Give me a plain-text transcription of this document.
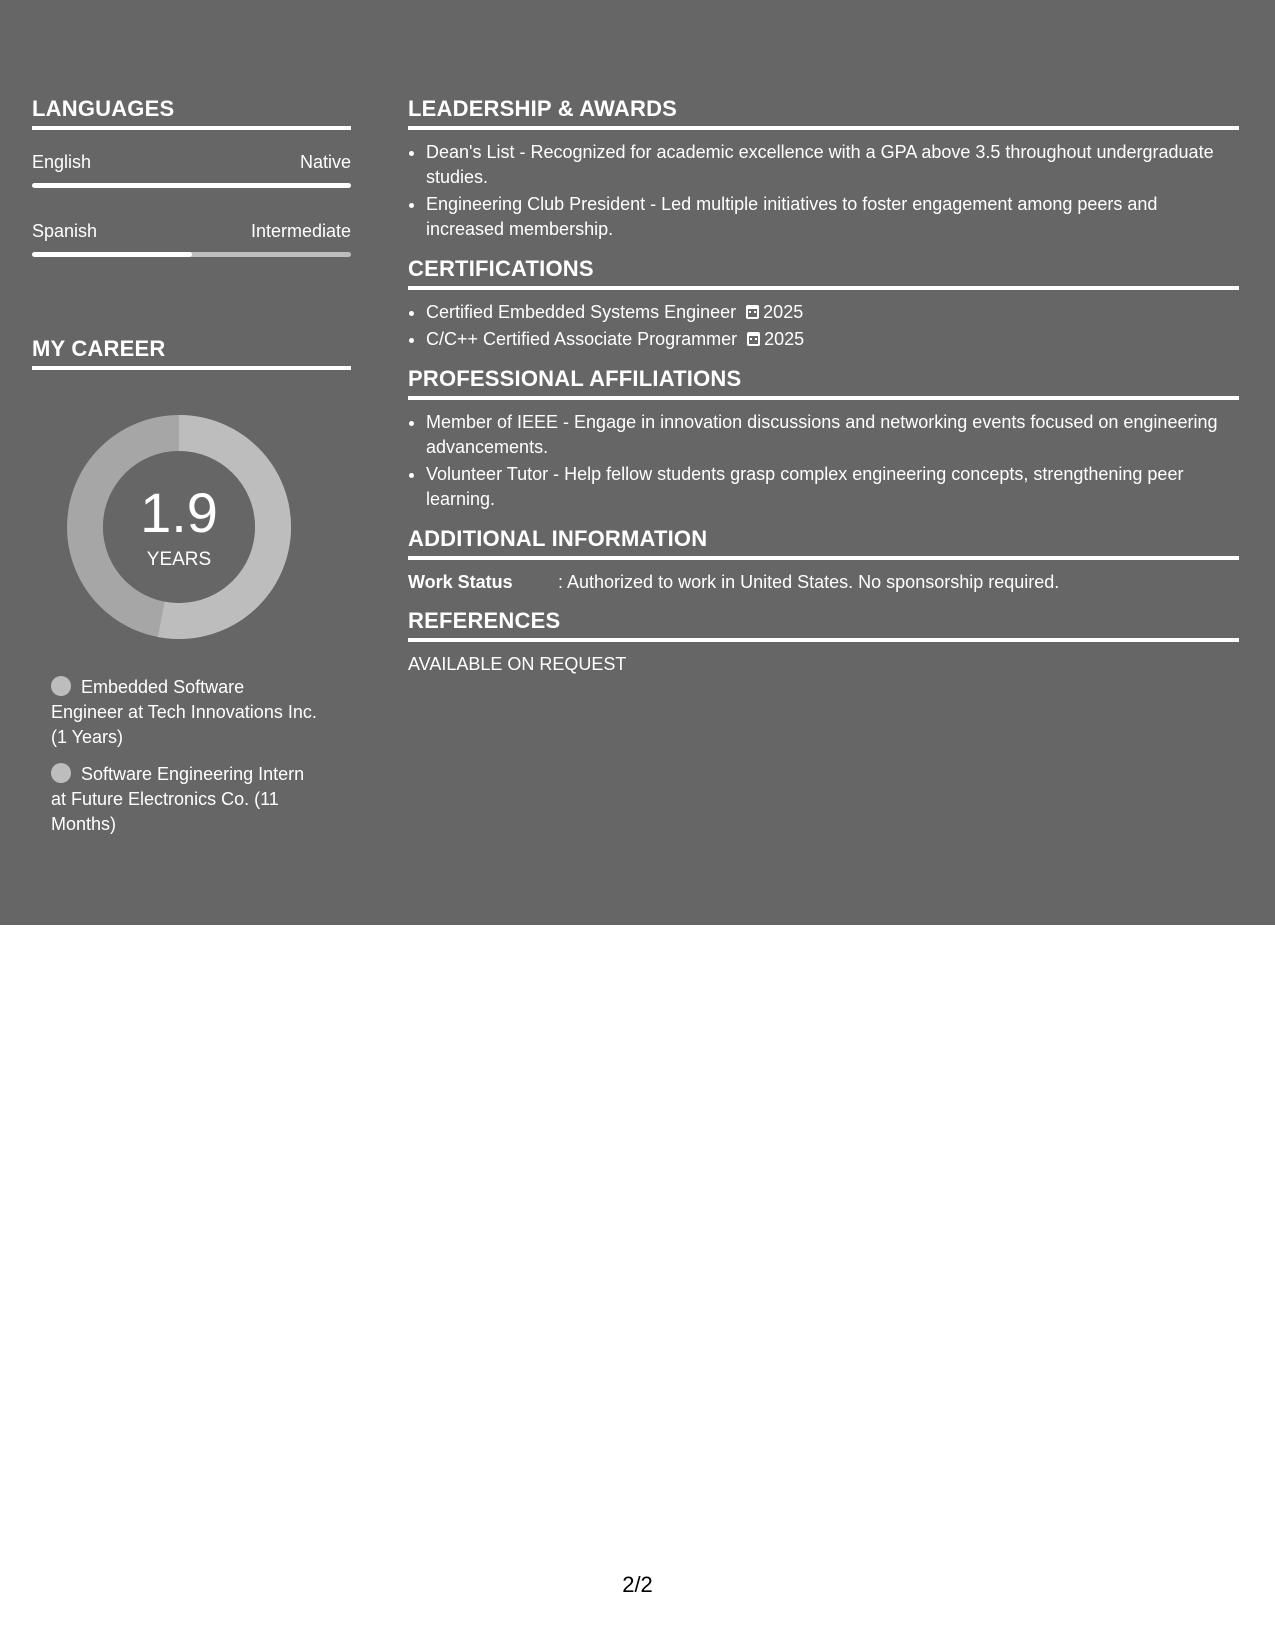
LANGUAGES
English	Native
Spanish	Intermediate
MY CAREER
1.9
YEARS
Embedded Software Engineer at Tech Innovations Inc. (1 Years)
Software Engineering Intern at Future Electronics Co. (11 Months)
LEADERSHIP & AWARDS
• Dean's List - Recognized for academic excellence with a GPA above 3.5 throughout undergraduate studies.
• Engineering Club President - Led multiple initiatives to foster engagement among peers and increased membership.
CERTIFICATIONS
• Certified Embedded Systems Engineer 2025
• C/C++ Certified Associate Programmer 2025
PROFESSIONAL AFFILIATIONS
• Member of IEEE - Engage in innovation discussions and networking events focused on engineering advancements.
• Volunteer Tutor - Help fellow students grasp complex engineering concepts, strengthening peer learning.
ADDITIONAL INFORMATION
Work Status	: Authorized to work in United States. No sponsorship required.
REFERENCES
AVAILABLE ON REQUEST
2/2
